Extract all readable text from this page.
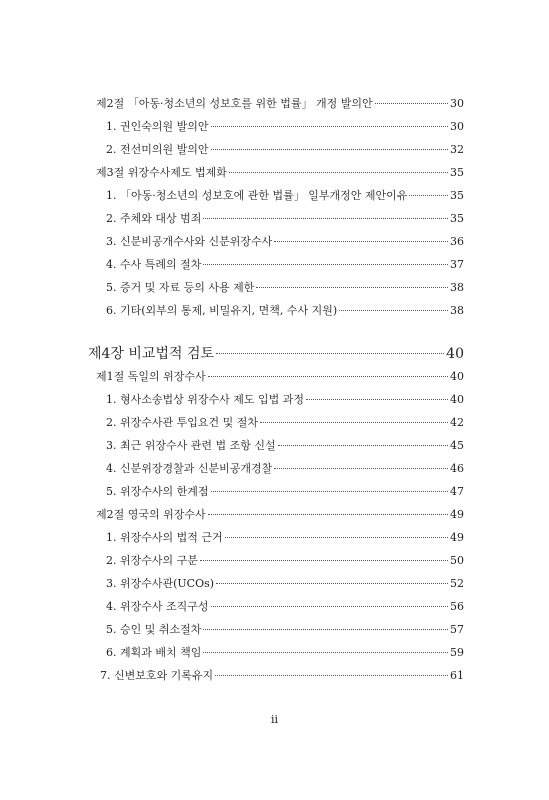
제2절 「아동·청소년의 성보호를 위한 법률」 개정 발의안	30
1. 권인숙의원 발의안	30
2. 전선미의원 발의안	32
제3절 위장수사제도 법제화	35
1. 「아동·청소년의 성보호에 관한 법률」 일부개정안 제안이유	35
2. 주체와 대상 범죄	35
3. 신분비공개수사와 신분위장수사	36
4. 수사 특례의 절차	37
5. 증거 및 자료 등의 사용 제한	38
6. 기타(외부의 통제, 비밀유지, 면책, 수사 지원)	38
제4장 비교법적 검토	40
제1절 독일의 위장수사	40
1. 형사소송법상 위장수사 제도 입법 과정	40
2. 위장수사관 투입요건 및 절차	42
3. 최근 위장수사 관련 법 조항 신설	45
4. 신분위장경찰과 신분비공개경찰	46
5. 위장수사의 한계점	47
제2절 영국의 위장수사	49
1. 위장수사의 법적 근거	49
2. 위장수사의 구분	50
3. 위장수사관(UCOs)	52
4. 위장수사 조직구성	56
5. 승인 및 취소절차	57
6. 계획과 배치 책임	59
7. 신변보호와 기록유지	61
ii
